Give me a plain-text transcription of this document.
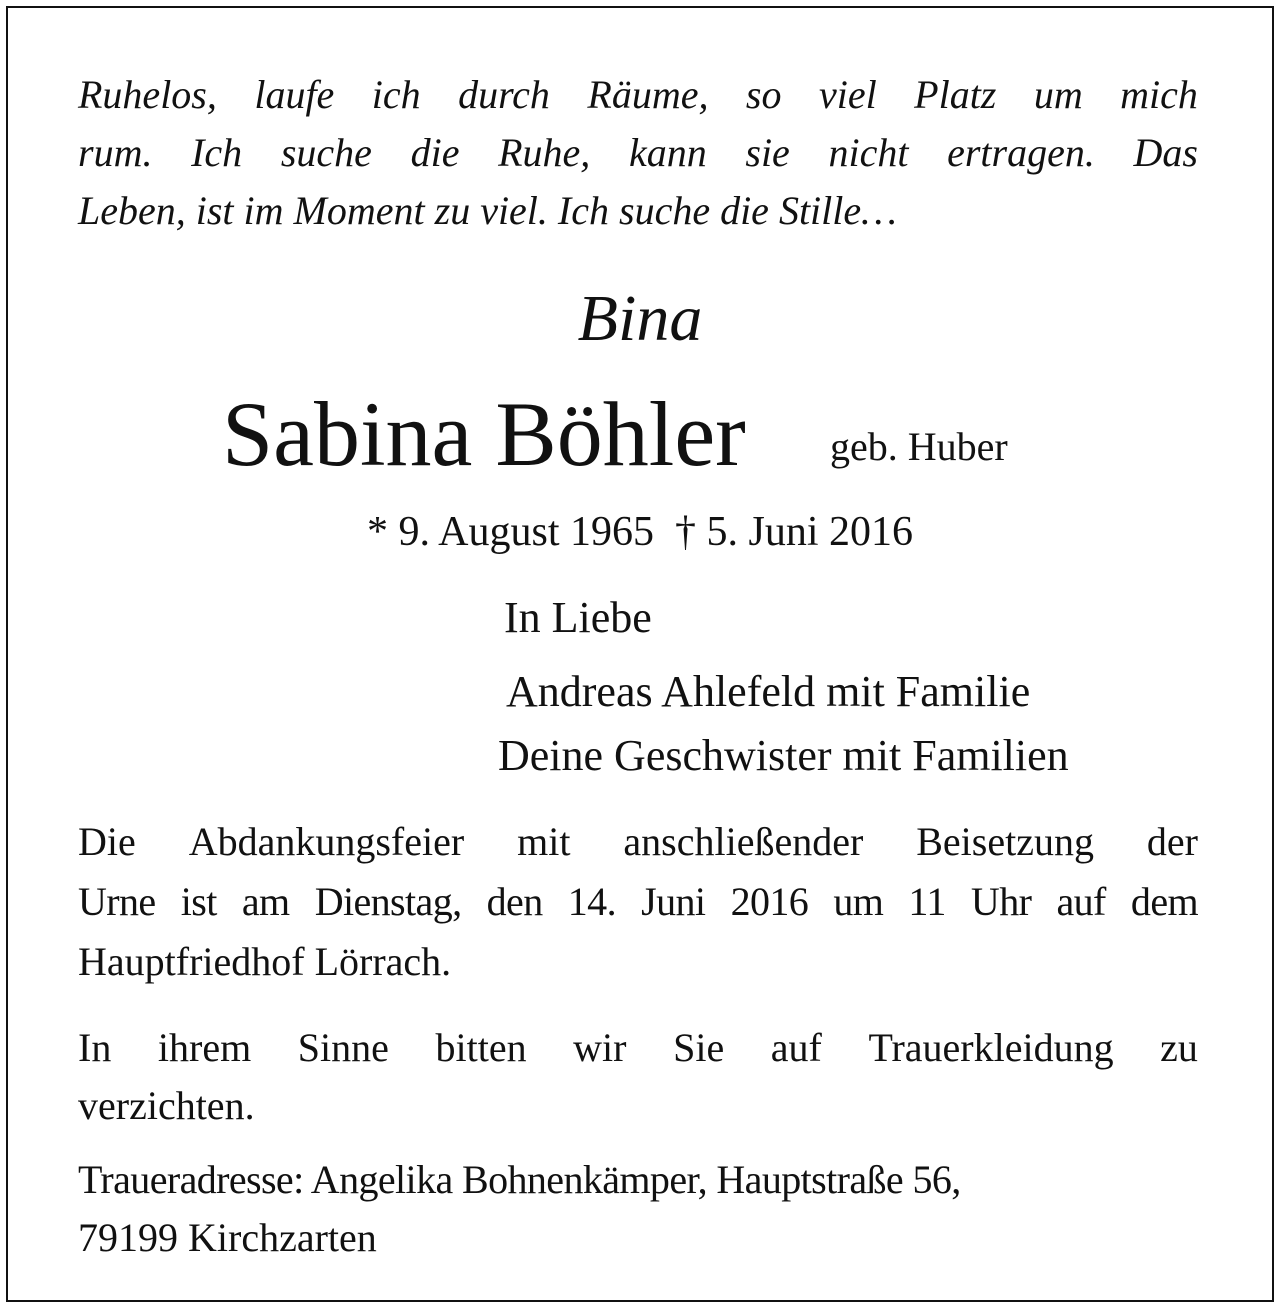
Ruhelos, laufe ich durch Räume, so viel Platz um mich
rum. Ich suche die Ruhe, kann sie nicht ertragen. Das
Leben, ist im Moment zu viel. Ich suche die Stille…
Bina
Sabina Böhler geb. Huber
* 9. August 1965  † 5. Juni 2016
In Liebe
Andreas Ahlefeld mit Familie
Deine Geschwister mit Familien
Die Abdankungsfeier mit anschließender Beisetzung der
Urne ist am Dienstag, den 14. Juni 2016 um 11 Uhr auf dem
Hauptfriedhof Lörrach.
In ihrem Sinne bitten wir Sie auf Trauerkleidung zu
verzichten.
Traueradresse: Angelika Bohnenkämper, Hauptstraße 56,
79199 Kirchzarten
